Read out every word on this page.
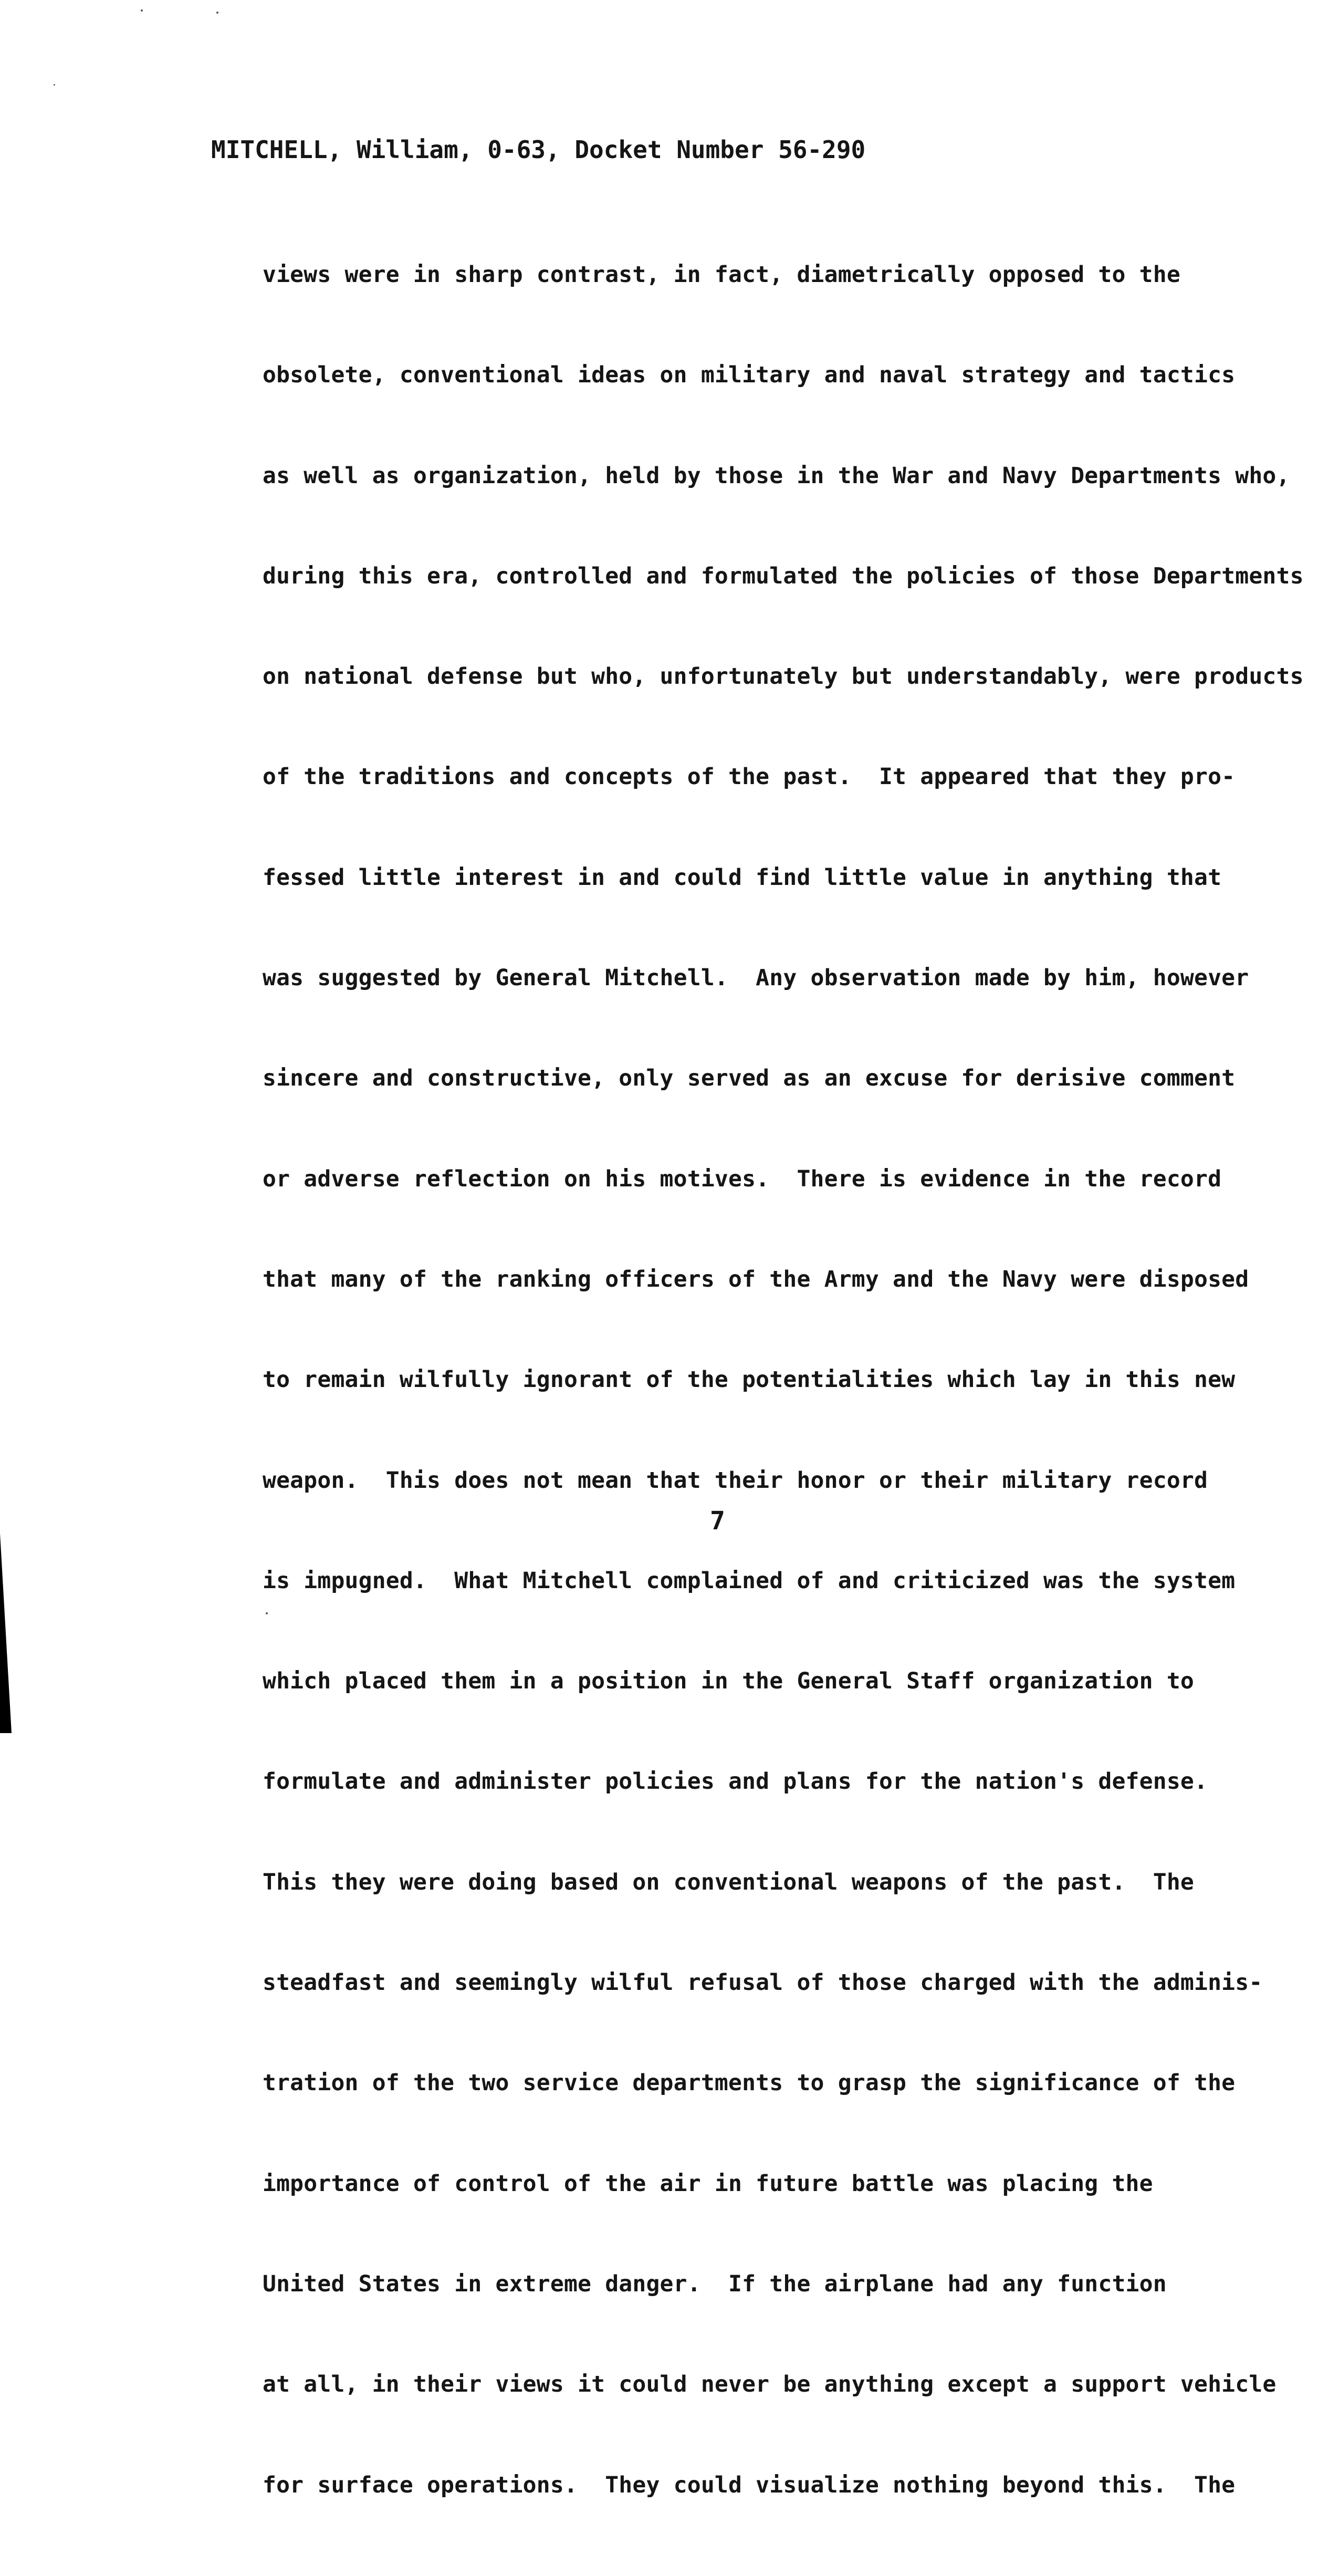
MITCHELL, William, 0-63, Docket Number 56-290

views were in sharp contrast, in fact, diametrically opposed to the

obsolete, conventional ideas on military and naval strategy and tactics

as well as organization, held by those in the War and Navy Departments who,

during this era, controlled and formulated the policies of those Departments

on national defense but who, unfortunately but understandably, were products

of the traditions and concepts of the past.  It appeared that they pro-

fessed little interest in and could find little value in anything that

was suggested by General Mitchell.  Any observation made by him, however

sincere and constructive, only served as an excuse for derisive comment

or adverse reflection on his motives.  There is evidence in the record

that many of the ranking officers of the Army and the Navy were disposed

to remain wilfully ignorant of the potentialities which lay in this new

weapon.  This does not mean that their honor or their military record

is impugned.  What Mitchell complained of and criticized was the system

which placed them in a position in the General Staff organization to

formulate and administer policies and plans for the nation's defense.

This they were doing based on conventional weapons of the past.  The

steadfast and seemingly wilful refusal of those charged with the adminis-

tration of the two service departments to grasp the significance of the

importance of control of the air in future battle was placing the

United States in extreme danger.  If the airplane had any function

at all, in their views it could never be anything except a support vehicle

for surface operations.  They could visualize nothing beyond this.  The

7
